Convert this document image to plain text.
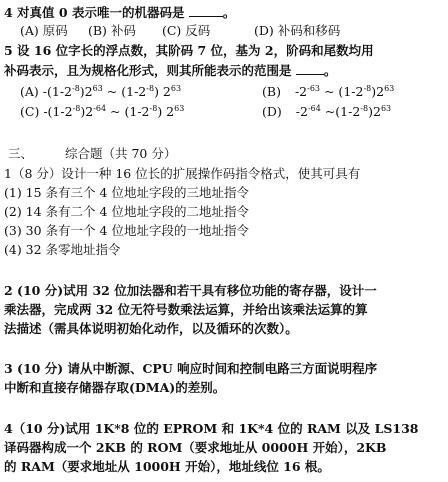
4 对真值 0 表示唯一的机器码是	。
(A) 原码 (B) 补码 (C) 反码	(D) 补码和移码
5 设 16 位字长的浮点数，其阶码 7 位，基为 2，阶码和尾数均用
补码表示，且为规格化形式，则其所能表示的范围是	。
(A) $-(1-2^{-8})2^{63}$ ~ $(1-2^{-8})$ $2^{63}$	(B) $-2^{-63}$ ~ $(1-2^{-8})2^{63}$
(C) $-(1-2^{-8})2^{-64}$ ~ $(1-2^{-8})$ $2^{63}$	(D) $-2^{-64}$ $\sim(1-2^{-8})2^{63}$
三、	综合题（共 70 分）
1（8 分）设计一种 16 位长的扩展操作码指令格式，使其可具有
(1) 15 条有三个 4 位地址字段的三地址指令
(2) 14 条有二个 4 位地址字段的二地址指令
(3) 30 条有一个 4 位地址字段的一地址指令
(4) 32 条零地址指令
2 (10 分)试用 32 位加法器和若干具有移位功能的寄存器，设计一
乘法器，完成两 32 位无符号数乘法运算，并给出该乘法运算的算
法描述（需具体说明初始化动作，以及循环的次数）。
3 (10 分) 请从中断源、CPU 响应时间和控制电路三方面说明程序
中断和直接存储器存取(DMA)的差别。
4（10 分)试用 1K*8 位的 EPROM 和 1K*4 位的 RAM 以及 LS138
译码器构成一个 2KB 的 ROM（要求地址从 0000H 开始），2KB
的 RAM（要求地址从 1000H 开始），地址线位 16 根。
